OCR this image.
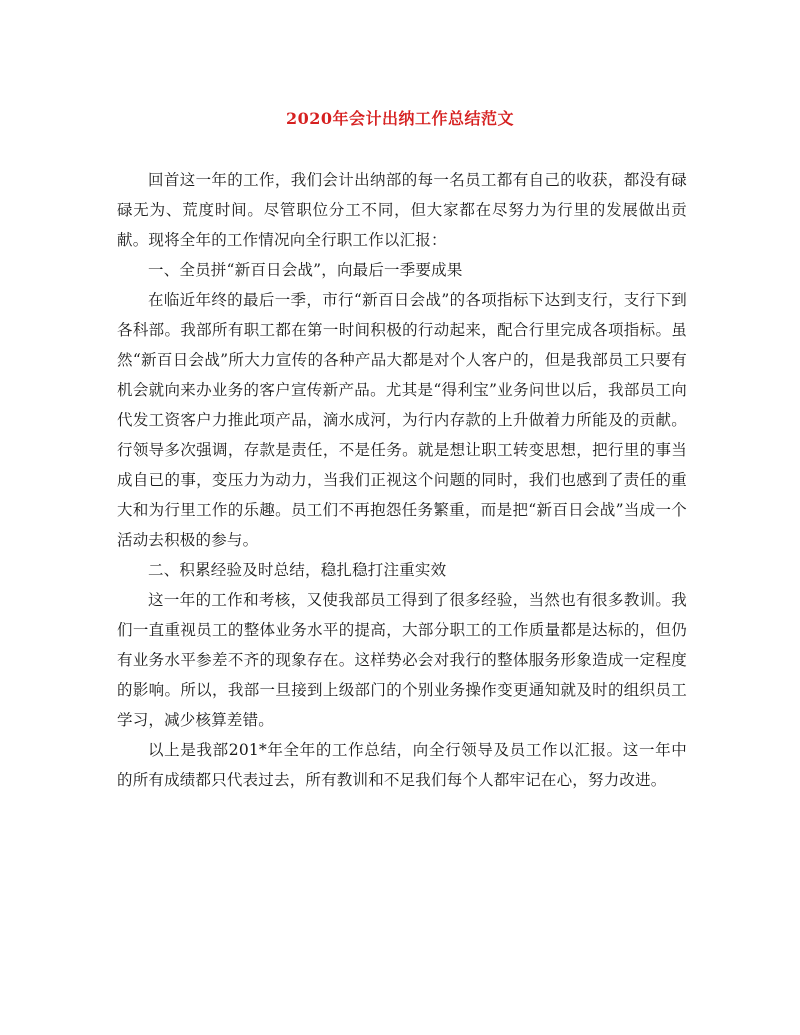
2020年会计出纳工作总结范文

回首这一年的工作，我们会计出纳部的每一名员工都有自己的收获，都没有碌碌无为、荒度时间。尽管职位分工不同，但大家都在尽努力为行里的发展做出贡献。现将全年的工作情况向全行职工作以汇报：

一、全员拼“新百日会战”，向最后一季要成果

在临近年终的最后一季，市行“新百日会战”的各项指标下达到支行，支行下到各科部。我部所有职工都在第一时间积极的行动起来，配合行里完成各项指标。虽然“新百日会战”所大力宣传的各种产品大都是对个人客户的，但是我部员工只要有机会就向来办业务的客户宣传新产品。尤其是“得利宝”业务问世以后，我部员工向代发工资客户力推此项产品，滴水成河，为行内存款的上升做着力所能及的贡献。行领导多次强调，存款是责任，不是任务。就是想让职工转变思想，把行里的事当成自已的事，变压力为动力，当我们正视这个问题的同时，我们也感到了责任的重大和为行里工作的乐趣。员工们不再抱怨任务繁重，而是把“新百日会战”当成一个活动去积极的参与。

二、积累经验及时总结，稳扎稳打注重实效

这一年的工作和考核，又使我部员工得到了很多经验，当然也有很多教训。我们一直重视员工的整体业务水平的提高，大部分职工的工作质量都是达标的，但仍有业务水平参差不齐的现象存在。这样势必会对我行的整体服务形象造成一定程度的影响。所以，我部一旦接到上级部门的个别业务操作变更通知就及时的组织员工学习，减少核算差错。

以上是我部201*年全年的工作总结，向全行领导及员工作以汇报。这一年中的所有成绩都只代表过去，所有教训和不足我们每个人都牢记在心，努力改进。
